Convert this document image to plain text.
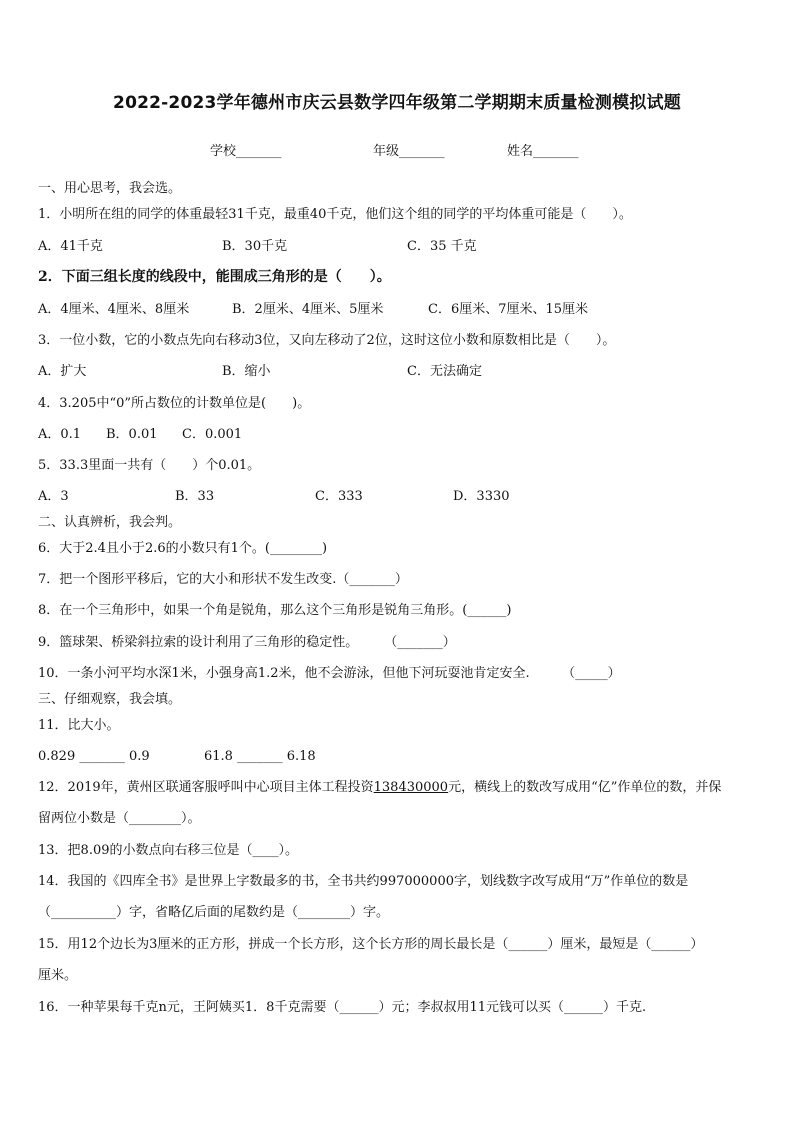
2022-2023学年德州市庆云县数学四年级第二学期期末质量检测模拟试题
学校_______	年级_______	姓名_______
一、用心思考，我会选。
1．小明所在组的同学的体重最轻31千克，最重40千克，他们这个组的同学的平均体重可能是（　　）。
A．41千克	B．30千克	C．35 千克
2．下面三组长度的线段中，能围成三角形的是（　　）。
A．4厘米、4厘米、8厘米	B．2厘米、4厘米、5厘米	C．6厘米、7厘米、15厘米
3．一位小数，它的小数点先向右移动3位，又向左移动了2位，这时这位小数和原数相比是（　　）。
A．扩大	B．缩小	C．无法确定
4．3.205中“0”所占数位的计数单位是(　　)。
A．0.1 B．0.01 C．0.001
5．33.3里面一共有（　　）个0.01。
A．3	B．33	C．333	D．3330
二、认真辨析，我会判。
6．大于2.4且小于2.6的小数只有1个。(________)
7．把一个图形平移后，它的大小和形状不发生改变.（_______）
8．在一个三角形中，如果一个角是锐角，那么这个三角形是锐角三角形。(______)
9．篮球架、桥梁斜拉索的设计利用了三角形的稳定性。　　　（_______）
10．一条小河平均水深1米，小强身高1.2米，他不会游泳，但他下河玩耍池肯定安全.　　　（_____）
三、仔细观察，我会填。
11．比大小。
0.829 _______ 0.9	61.8 _______ 6.18
12．2019年，黄州区联通客服呼叫中心项目主体工程投资138430000元，横线上的数改写成用“亿”作单位的数，并保
留两位小数是（________）。
13．把8.09的小数点向右移三位是（____）。
14．我国的《四库全书》是世界上字数最多的书，全书共约997000000字，划线数字改写成用“万”作单位的数是
（__________）字，省略亿后面的尾数约是（________）字。
15．用12个边长为3厘米的正方形，拼成一个长方形，这个长方形的周长最长是（______）厘米，最短是（______）
厘米。
16．一种苹果每千克n元，王阿姨买1．8千克需要（______）元；李叔叔用11元钱可以买（______）千克.
